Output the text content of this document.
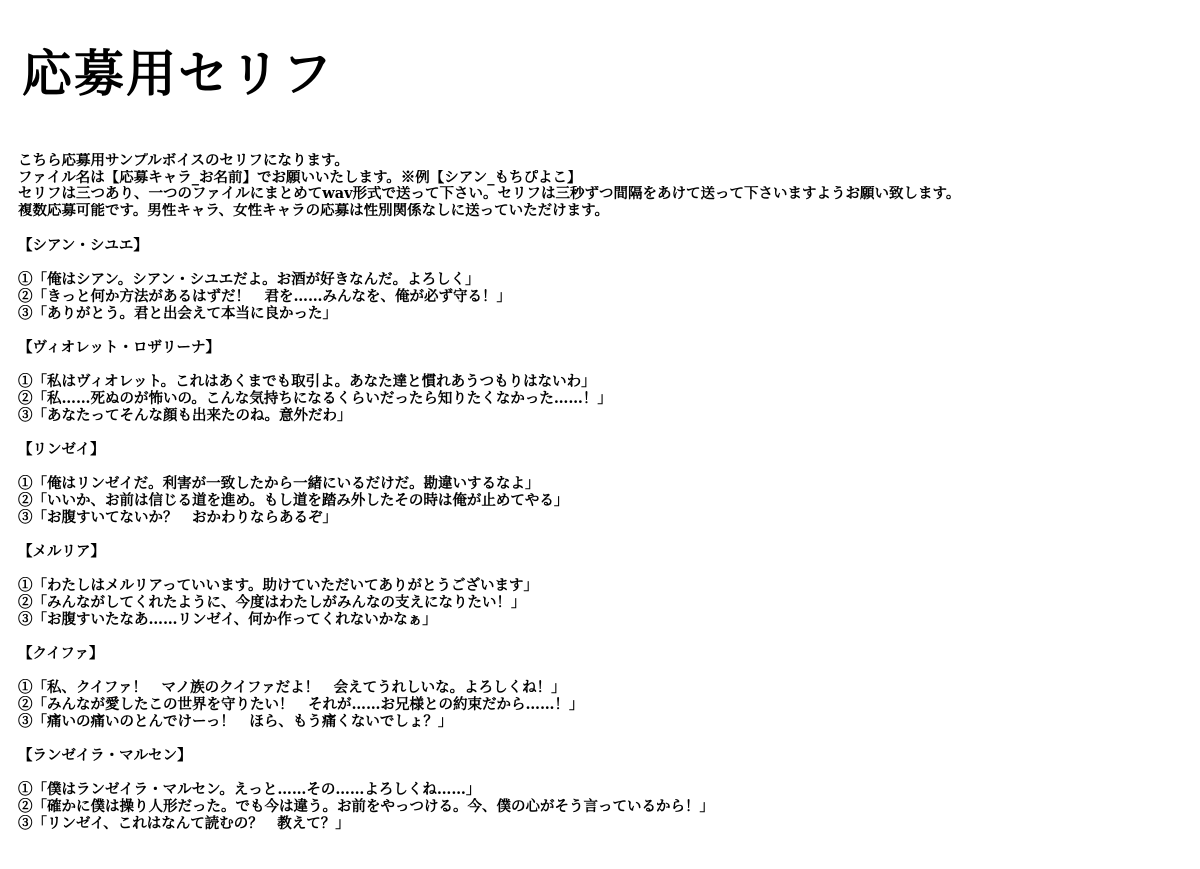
応募用セリフ
こちら応募用サンプルボイスのセリフになります。
ファイル名は【応募キャラ_お名前】でお願いいたします。※例【シアン_もちぴよこ】
セリフは三つあり、一つのファイルにまとめてwav形式で送って下さい。セリフは三秒ずつ間隔をあけて送って下さいますようお願い致します。
複数応募可能です。男性キャラ、女性キャラの応募は性別関係なしに送っていただけます。
【シアン・シユエ】
①「俺はシアン。シアン・シユエだよ。お酒が好きなんだ。よろしく」
②「きっと何か方法があるはずだ！　君を……みんなを、俺が必ず守る！」
③「ありがとう。君と出会えて本当に良かった」
【ヴィオレット・ロザリーナ】
①「私はヴィオレット。これはあくまでも取引よ。あなた達と慣れあうつもりはないわ」
②「私……死ぬのが怖いの。こんな気持ちになるくらいだったら知りたくなかった……！」
③「あなたってそんな顔も出来たのね。意外だわ」
【リンゼイ】
①「俺はリンゼイだ。利害が一致したから一緒にいるだけだ。勘違いするなよ」
②「いいか、お前は信じる道を進め。もし道を踏み外したその時は俺が止めてやる」
③「お腹すいてないか？　おかわりならあるぞ」
【メルリア】
①「わたしはメルリアっていいます。助けていただいてありがとうございます」
②「みんながしてくれたように、今度はわたしがみんなの支えになりたい！」
③「お腹すいたなあ……リンゼイ、何か作ってくれないかなぁ」
【クイファ】
①「私、クイファ！　マノ族のクイファだよ！　会えてうれしいな。よろしくね！」
②「みんなが愛したこの世界を守りたい！　それが……お兄様との約束だから……！」
③「痛いの痛いのとんでけーっ！　ほら、もう痛くないでしょ？」
【ランゼイラ・マルセン】
①「僕はランゼイラ・マルセン。えっと……その……よろしくね……」
②「確かに僕は操り人形だった。でも今は違う。お前をやっつける。今、僕の心がそう言っているから！」
③「リンゼイ、これはなんて読むの？　教えて？」
